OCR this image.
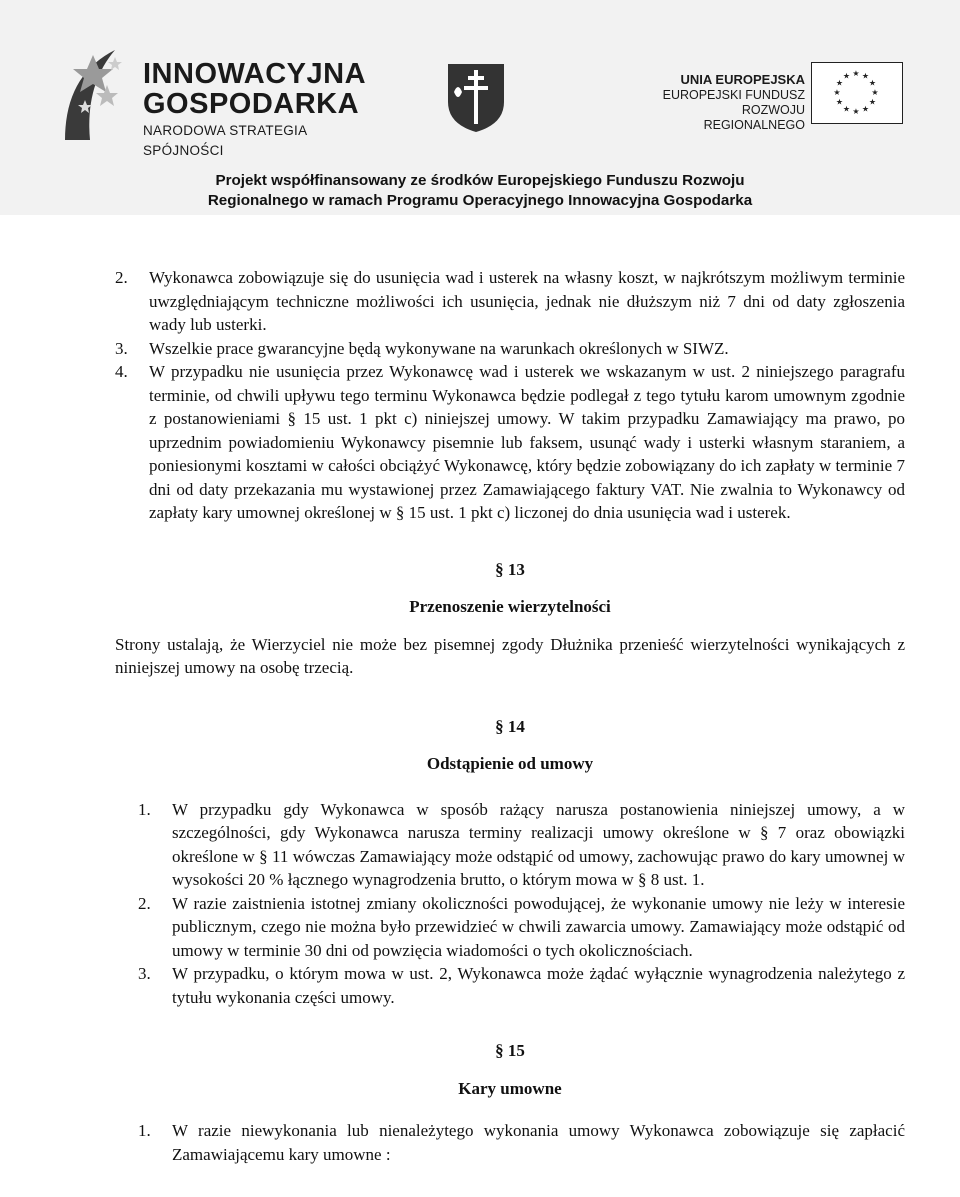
INNOWACYJNA
GOSPODARKA
NARODOWA STRATEGIA SPÓJNOŚCI
UNIA EUROPEJSKA
EUROPEJSKI FUNDUSZ
ROZWOJU REGIONALNEGO
★ ★
★
★
★
★
★
★
★
★
★
★
Projekt współfinansowany ze środków Europejskiego Funduszu Rozwoju
Regionalnego w ramach Programu Operacyjnego Innowacyjna Gospodarka
2.	Wykonawca zobowiązuje się do usunięcia wad i usterek na własny koszt, w najkrótszym możliwym terminie uwzględniającym techniczne możliwości ich usunięcia, jednak nie dłuższym niż 7 dni od daty zgłoszenia wady lub usterki.
3.	Wszelkie prace gwarancyjne będą wykonywane na warunkach określonych w SIWZ.
4.	W przypadku nie usunięcia przez Wykonawcę wad i usterek we wskazanym w ust. 2 niniejszego paragrafu terminie, od chwili upływu tego terminu Wykonawca będzie podlegał z tego tytułu karom umownym zgodnie z postanowieniami § 15 ust. 1 pkt c) niniejszej umowy. W takim przypadku Zamawiający ma prawo, po uprzednim powiadomieniu Wykonawcy pisemnie lub faksem, usunąć wady i usterki własnym staraniem, a poniesionymi kosztami w całości obciążyć Wykonawcę, który będzie zobowiązany do ich zapłaty w terminie 7 dni od daty przekazania mu wystawionej przez Zamawiającego faktury VAT. Nie zwalnia to Wykonawcy od zapłaty kary umownej określonej w § 15 ust. 1 pkt c) liczonej do dnia usunięcia wad i usterek.
§ 13
Przenoszenie wierzytelności
Strony ustalają, że Wierzyciel nie może bez pisemnej zgody Dłużnika przenieść wierzytelności wynikających z niniejszej umowy na osobę trzecią.
§ 14
Odstąpienie od umowy
1.	W przypadku gdy Wykonawca w sposób rażący narusza postanowienia niniejszej umowy, a w szczególności, gdy Wykonawca narusza terminy realizacji umowy określone w § 7 oraz obowiązki określone w § 11 wówczas Zamawiający może odstąpić od umowy, zachowując prawo do kary umownej w wysokości 20 % łącznego wynagrodzenia brutto, o którym mowa w § 8 ust. 1.
2.	W razie zaistnienia istotnej zmiany okoliczności powodującej, że wykonanie umowy nie leży w interesie publicznym, czego nie można było przewidzieć w chwili zawarcia umowy. Zamawiający może odstąpić od umowy w terminie 30 dni od powzięcia wiadomości o tych okolicznościach.
3.	W przypadku, o którym mowa w ust. 2, Wykonawca może żądać wyłącznie wynagrodzenia należytego z tytułu wykonania części umowy.
§ 15
Kary umowne
1.	W razie niewykonania lub nienależytego wykonania umowy Wykonawca zobowiązuje się zapłacić Zamawiającemu kary umowne :
